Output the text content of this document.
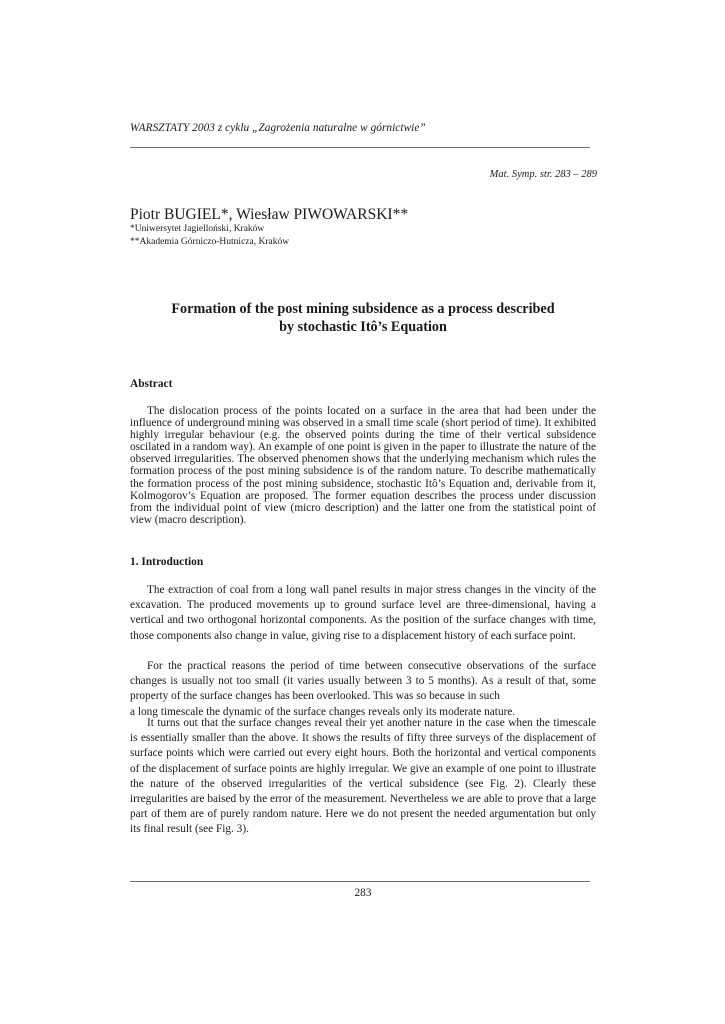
WARSZTATY 2003 z cyklu „Zagrożenia naturalne w górnictwie”
Mat. Symp. str. 283 – 289
Piotr BUGIEL*, Wiesław PIWOWARSKI**
*Uniwersytet Jagielloński, Kraków
**Akademia Górniczo-Hutnicza, Kraków
Formation of the post mining subsidence as a process described
by stochastic Itô’s Equation
Abstract
The dislocation process of the points located on a surface in the area that had been under the influence of underground mining was observed in a small time scale (short period of time). It exhibited highly irregular behaviour (e.g. the observed points during the time of their vertical subsidence oscilated in a random way). An example of one point is given in the paper to illustrate the nature of the observed irregularities. The observed phenomen shows that the underlying mechanism which rules the formation process of the post mining subsidence is of the random nature. To describe mathematically the formation process of the post mining subsidence, stochastic Itô’s Equation and, derivable from it, Kolmogorov’s Equation are proposed. The former equation describes the process under discussion from the individual point of view (micro description) and the latter one from the statistical point of view (macro description).
1. Introduction
The extraction of coal from a long wall panel results in major stress changes in the vincity of the excavation. The produced movements up to ground surface level are three-dimensional, having a vertical and two orthogonal horizontal components. As the position of the surface changes with time, those components also change in value, giving rise to a displacement history of each surface point.
For the practical reasons the period of time between consecutive observations of the surface changes is usually not too small (it varies usually between 3 to 5 months). As a result of that, some property of the surface changes has been overlooked. This was so because in such
a long timescale the dynamic of the surface changes reveals only its moderate nature.
It turns out that the surface changes reveal their yet another nature in the case when the timescale is essentially smaller than the above. It shows the results of fifty three surveys of the displacement of surface points which were carried out every eight hours. Both the horizontal and vertical components of the displacement of surface points are highly irregular. We give an example of one point to illustrate the nature of the observed irregularities of the vertical subsidence (see Fig. 2). Clearly these irregularities are baised by the error of the measurement. Nevertheless we are able to prove that a large part of them are of purely random nature. Here we do not present the needed argumentation but only its final result (see Fig. 3).
283
